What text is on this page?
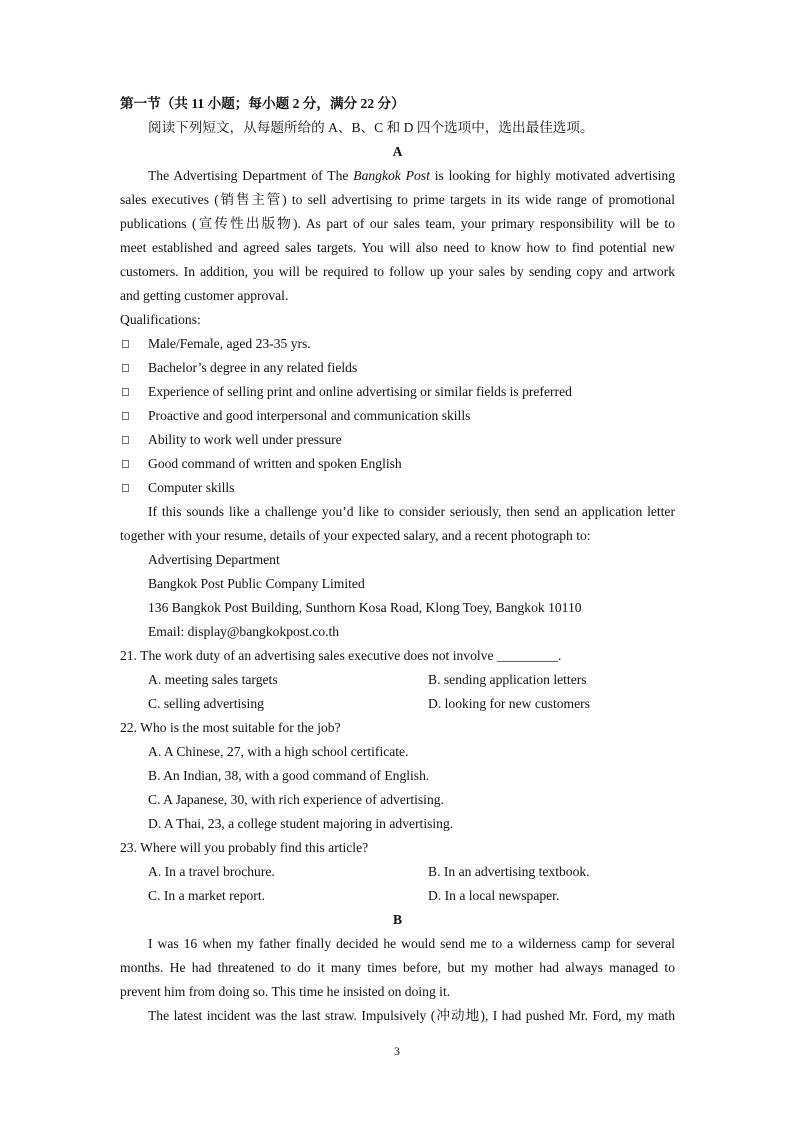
第一节（共 11 小题；每小题 2 分，满分 22 分）
阅读下列短文，从每题所给的 A、B、C 和 D 四个选项中，选出最佳选项。
A
The Advertising Department of The Bangkok Post is looking for highly motivated advertising
sales executives (销售主管) to sell advertising to prime targets in its wide range of promotional
publications (宣传性出版物). As part of our sales team, your primary responsibility will be to
meet established and agreed sales targets. You will also need to know how to find potential new
customers. In addition, you will be required to follow up your sales by sending copy and artwork
and getting customer approval.
Qualifications:
Male/Female, aged 23-35 yrs.
Bachelor’s degree in any related fields
Experience of selling print and online advertising or similar fields is preferred
Proactive and good interpersonal and communication skills
Ability to work well under pressure
Good command of written and spoken English
Computer skills
If this sounds like a challenge you’d like to consider seriously, then send an application letter
together with your resume, details of your expected salary, and a recent photograph to:
Advertising Department
Bangkok Post Public Company Limited
136 Bangkok Post Building, Sunthorn Kosa Road, Klong Toey, Bangkok 10110
Email: display@bangkokpost.co.th
21. The work duty of an advertising sales executive does not involve _________.
A. meeting sales targets	B. sending application letters
C. selling advertising	D. looking for new customers
22. Who is the most suitable for the job?
A. A Chinese, 27, with a high school certificate.
B. An Indian, 38, with a good command of English.
C. A Japanese, 30, with rich experience of advertising.
D. A Thai, 23, a college student majoring in advertising.
23. Where will you probably find this article?
A. In a travel brochure.	B. In an advertising textbook.
C. In a market report.	D. In a local newspaper.
B
I was 16 when my father finally decided he would send me to a wilderness camp for several
months. He had threatened to do it many times before, but my mother had always managed to
prevent him from doing so. This time he insisted on doing it.
The latest incident was the last straw. Impulsively (冲动地), I had pushed Mr. Ford, my math
3
